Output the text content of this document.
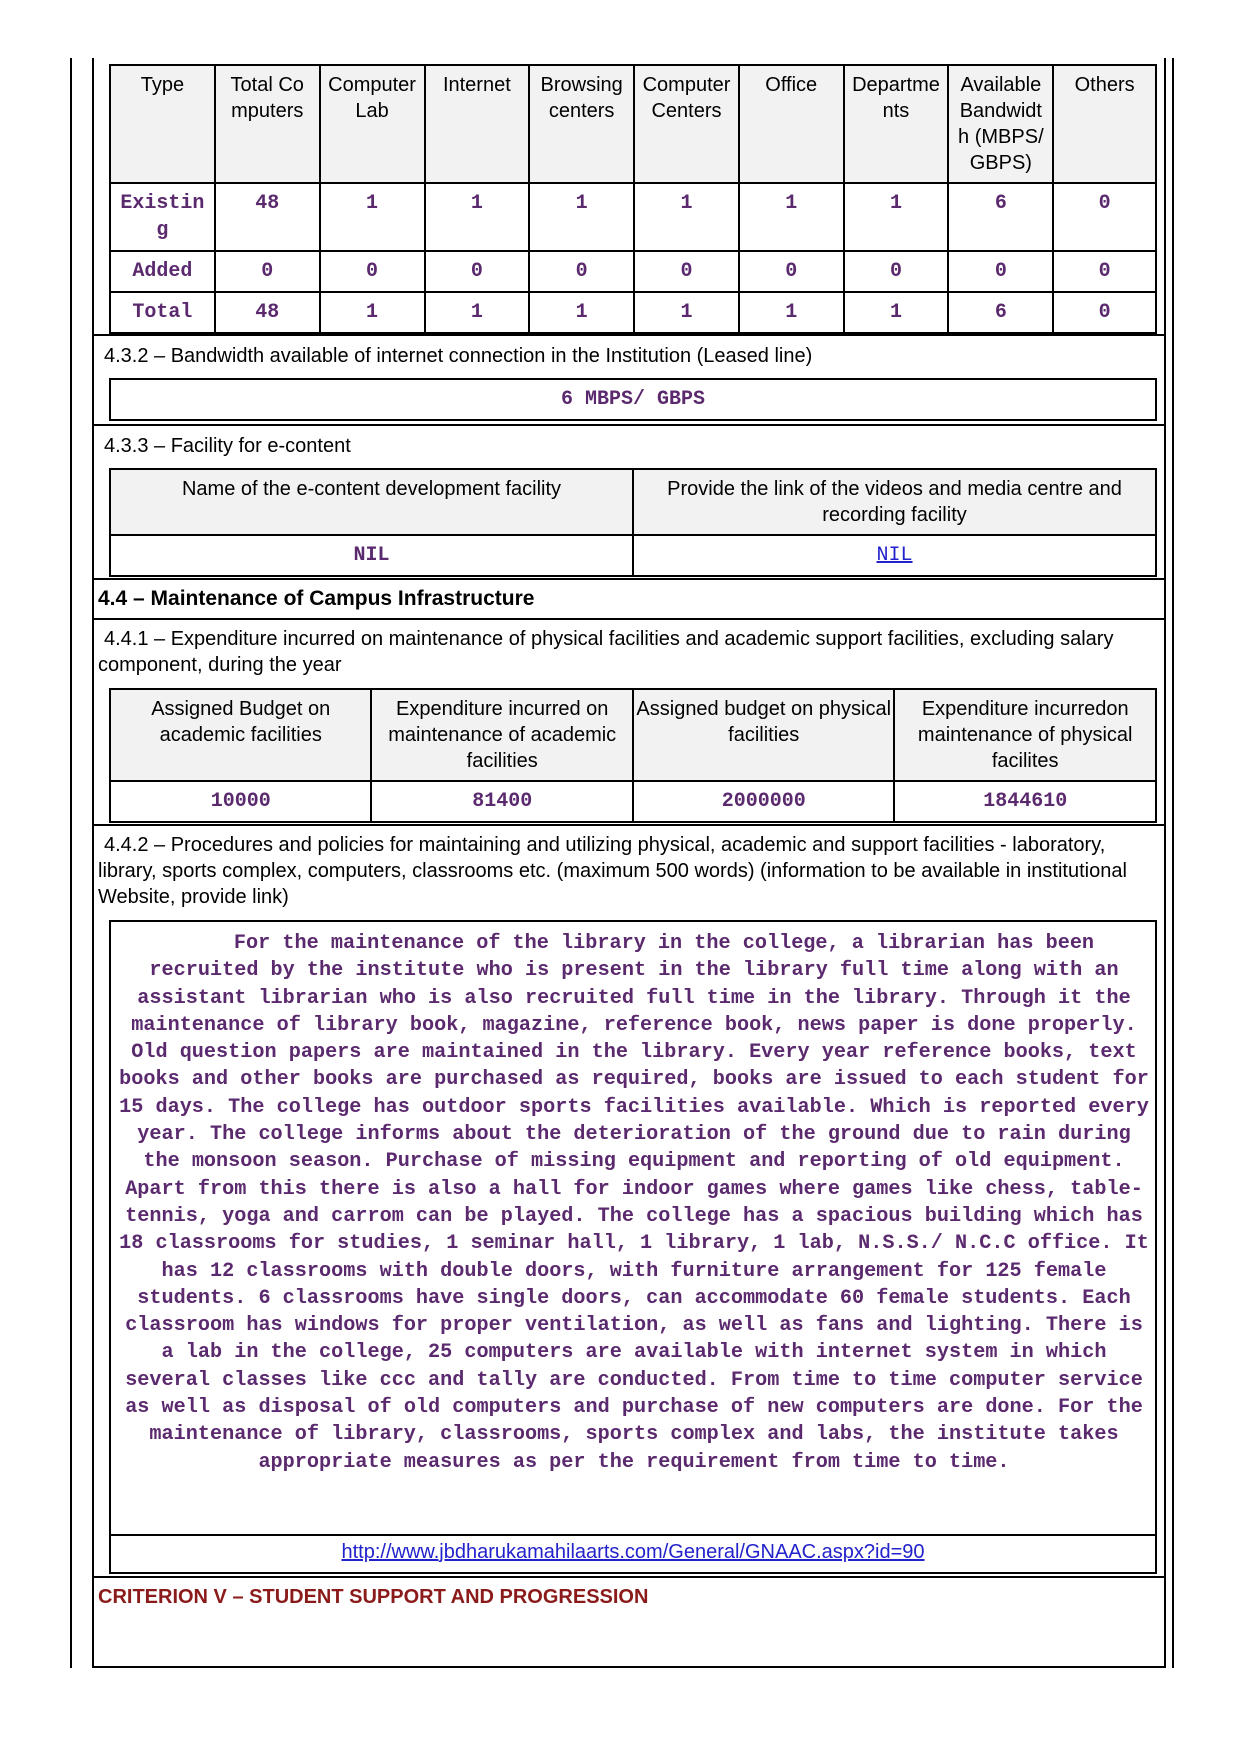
Type	Total Co mputers	Computer Lab	Internet	Browsing centers	Computer Centers	Office	Departme nts	Available Bandwidt h (MBPS/ GBPS)	Others
Existin g	48	1	1	1	1	1	1	6	0
Added	0	0	0	0	0	0	0	0	0
Total	48	1	1	1	1	1	1	6	0
4.3.2 – Bandwidth available of internet connection in the Institution (Leased line)
6 MBPS/ GBPS
4.3.3 – Facility for e-content
Name of the e-content development facility	Provide the link of the videos and media centre and recording facility
NIL	NIL
4.4 – Maintenance of Campus Infrastructure
4.4.1 – Expenditure incurred on maintenance of physical facilities and academic support facilities, excluding salary component, during the year
Assigned Budget on academic facilities	Expenditure incurred on maintenance of academic facilities	Assigned budget on physical facilities	Expenditure incurredon maintenance of physical facilites
10000	81400	2000000	1844610
4.4.2 – Procedures and policies for maintaining and utilizing physical, academic and support facilities - laboratory, library, sports complex, computers, classrooms etc. (maximum 500 words) (information to be available in institutional Website, provide link)
For the maintenance of the library in the college, a librarian has been recruited by the institute who is present in the library full time along with an assistant librarian who is also recruited full time in the library. Through it the maintenance of library book, magazine, reference book, news paper is done properly. Old question papers are maintained in the library. Every year reference books, text books and other books are purchased as required, books are issued to each student for 15 days. The college has outdoor sports facilities available. Which is reported every year. The college informs about the deterioration of the ground due to rain during the monsoon season. Purchase of missing equipment and reporting of old equipment. Apart from this there is also a hall for indoor games where games like chess, table-tennis, yoga and carrom can be played. The college has a spacious building which has 18 classrooms for studies, 1 seminar hall, 1 library, 1 lab, N.S.S./ N.C.C office. It has 12 classrooms with double doors, with furniture arrangement for 125 female students. 6 classrooms have single doors, can accommodate 60 female students. Each classroom has windows for proper ventilation, as well as fans and lighting. There is a lab in the college, 25 computers are available with internet system in which several classes like ccc and tally are conducted. From time to time computer service as well as disposal of old computers and purchase of new computers are done. For the maintenance of library, classrooms, sports complex and labs, the institute takes appropriate measures as per the requirement from time to time.

http://www.jbdharukamahilaarts.com/General/GNAAC.aspx?id=90
CRITERION V – STUDENT SUPPORT AND PROGRESSION
